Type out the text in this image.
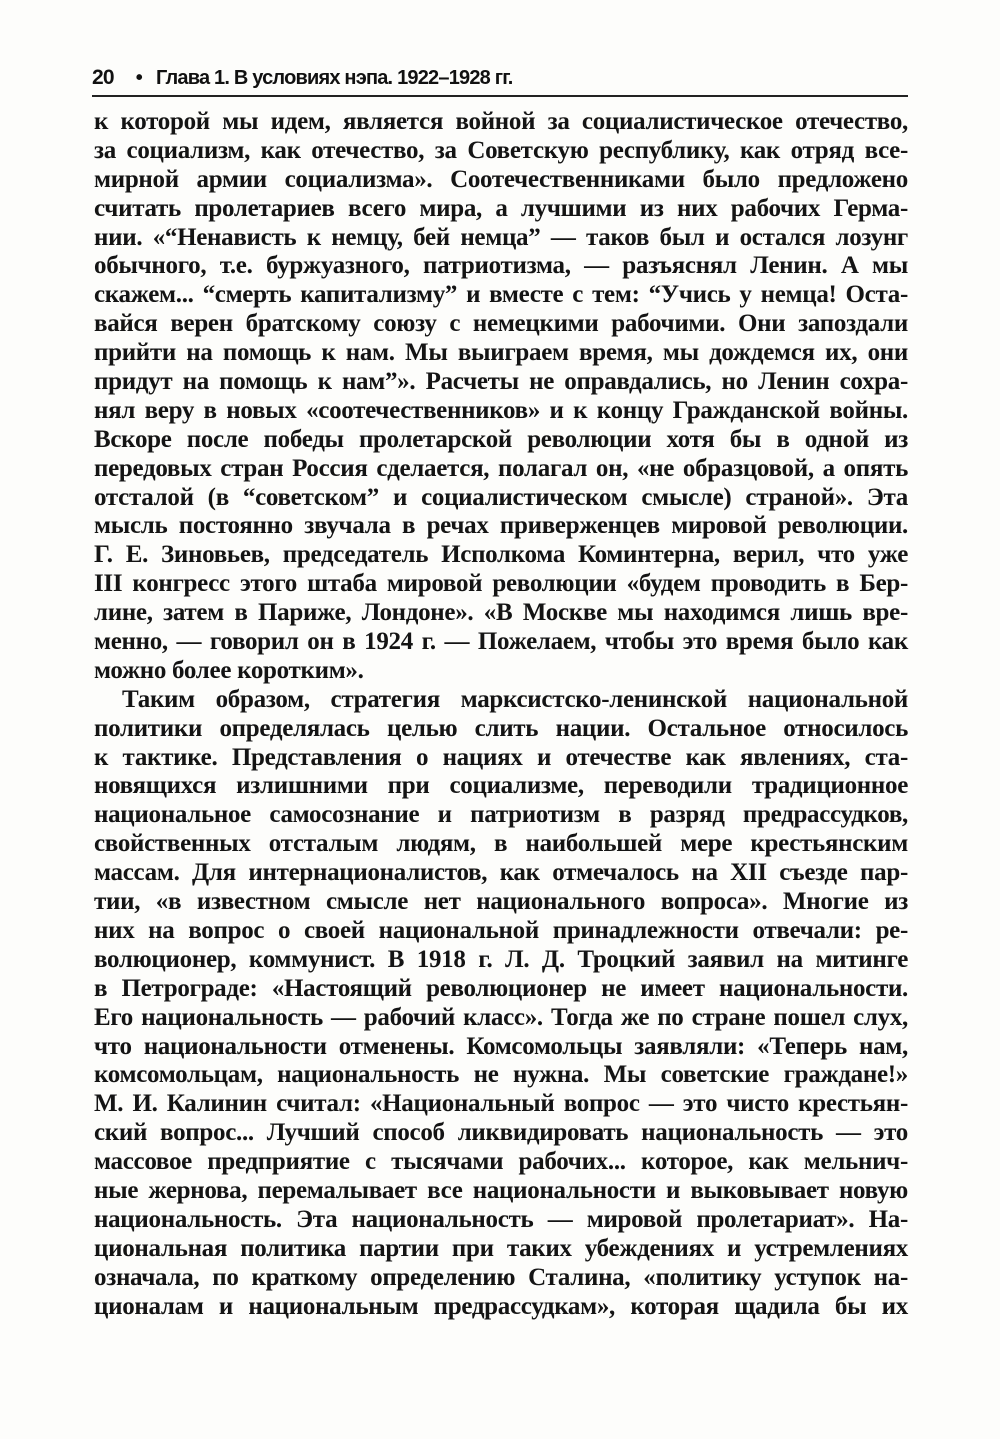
20 • Глава 1. В условиях нэпа. 1922–1928 гг.
к которой мы идем, является войной за социалистическое отечество,
за социализм, как отечество, за Советскую республику, как отряд все-
мирной армии социализма». Соотечественниками было предложено
считать пролетариев всего мира, а лучшими из них рабочих Герма-
нии. «“Ненависть к немцу, бей немца” — таков был и остался лозунг
обычного, т.е. буржуазного, патриотизма, — разъяснял Ленин. А мы
скажем... “смерть капитализму” и вместе с тем: “Учись у немца! Оста-
вайся верен братскому союзу с немецкими рабочими. Они запоздали
прийти на помощь к нам. Мы выиграем время, мы дождемся их, они
придут на помощь к нам”». Расчеты не оправдались, но Ленин сохра-
нял веру в новых «соотечественников» и к концу Гражданской войны.
Вскоре после победы пролетарской революции хотя бы в одной из
передовых стран Россия сделается, полагал он, «не образцовой, а опять
отсталой (в “советском” и социалистическом смысле) страной». Эта
мысль постоянно звучала в речах приверженцев мировой революции.
Г. Е. Зиновьев, председатель Исполкома Коминтерна, верил, что уже
III конгресс этого штаба мировой революции «будем проводить в Бер-
лине, затем в Париже, Лондоне». «В Москве мы находимся лишь вре-
менно, — говорил он в 1924 г. — Пожелаем, чтобы это время было как
можно более коротким».
Таким образом, стратегия марксистско-ленинской национальной
политики определялась целью слить нации. Остальное относилось
к тактике. Представления о нациях и отечестве как явлениях, ста-
новящихся излишними при социализме, переводили традиционное
национальное самосознание и патриотизм в разряд предрассудков,
свойственных отсталым людям, в наибольшей мере крестьянским
массам. Для интернационалистов, как отмечалось на XII съезде пар-
тии, «в известном смысле нет национального вопроса». Многие из
них на вопрос о своей национальной принадлежности отвечали: ре-
волюционер, коммунист. В 1918 г. Л. Д. Троцкий заявил на митинге
в Петрограде: «Настоящий революционер не имеет национальности.
Его национальность — рабочий класс». Тогда же по стране пошел слух,
что национальности отменены. Комсомольцы заявляли: «Теперь нам,
комсомольцам, национальность не нужна. Мы советские граждане!»
М. И. Калинин считал: «Национальный вопрос — это чисто крестьян-
ский вопрос... Лучший способ ликвидировать национальность — это
массовое предприятие с тысячами рабочих... которое, как мельнич-
ные жернова, перемалывает все национальности и выковывает новую
национальность. Эта национальность — мировой пролетариат». На-
циональная политика партии при таких убеждениях и устремлениях
означала, по краткому определению Сталина, «политику уступок на-
ционалам и национальным предрассудкам», которая щадила бы их
